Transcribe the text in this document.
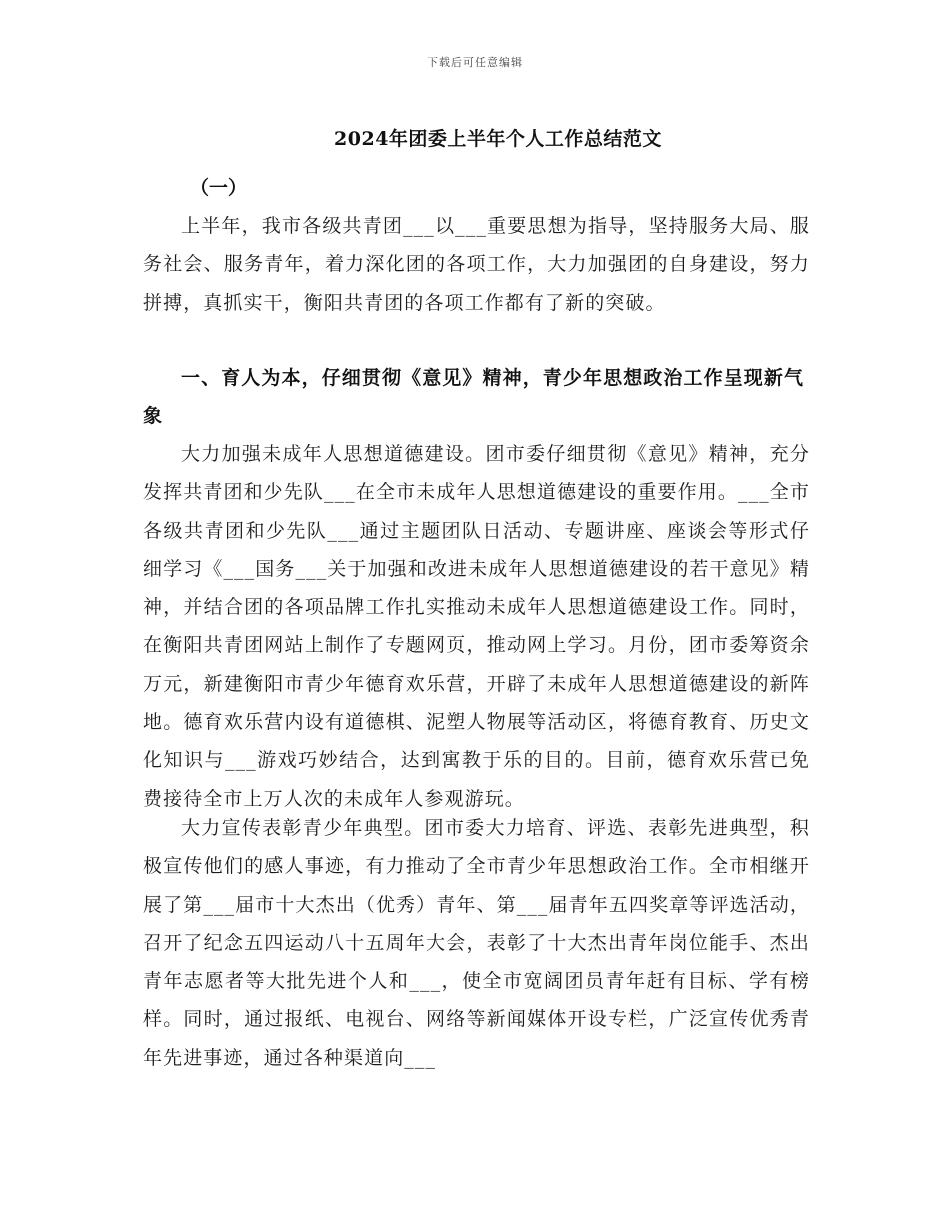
下载后可任意编辑
2024年团委上半年个人工作总结范文
（一）

上半年，我市各级共青团___以___重要思想为指导，坚持服务大局、服务社会、服务青年，着力深化团的各项工作，大力加强团的自身建设，努力拼搏，真抓实干，衡阳共青团的各项工作都有了新的突破。

一、育人为本，仔细贯彻《意见》精神，青少年思想政治工作呈现新气象

大力加强未成年人思想道德建设。团市委仔细贯彻《意见》精神，充分发挥共青团和少先队___在全市未成年人思想道德建设的重要作用。___全市各级共青团和少先队___通过主题团队日活动、专题讲座、座谈会等形式仔细学习《___国务___关于加强和改进未成年人思想道德建设的若干意见》精神，并结合团的各项品牌工作扎实推动未成年人思想道德建设工作。同时，在衡阳共青团网站上制作了专题网页，推动网上学习。月份，团市委筹资余万元，新建衡阳市青少年德育欢乐营，开辟了未成年人思想道德建设的新阵地。德育欢乐营内设有道德棋、泥塑人物展等活动区，将德育教育、历史文化知识与___游戏巧妙结合，达到寓教于乐的目的。目前，德育欢乐营已免费接待全市上万人次的未成年人参观游玩。

大力宣传表彰青少年典型。团市委大力培育、评选、表彰先进典型，积极宣传他们的感人事迹，有力推动了全市青少年思想政治工作。全市相继开展了第___届市十大杰出（优秀）青年、第___届青年五四奖章等评选活动，召开了纪念五四运动八十五周年大会，表彰了十大杰出青年岗位能手、杰出青年志愿者等大批先进个人和___，使全市宽阔团员青年赶有目标、学有榜样。同时，通过报纸、电视台、网络等新闻媒体开设专栏，广泛宣传优秀青年先进事迹，通过各种渠道向___
